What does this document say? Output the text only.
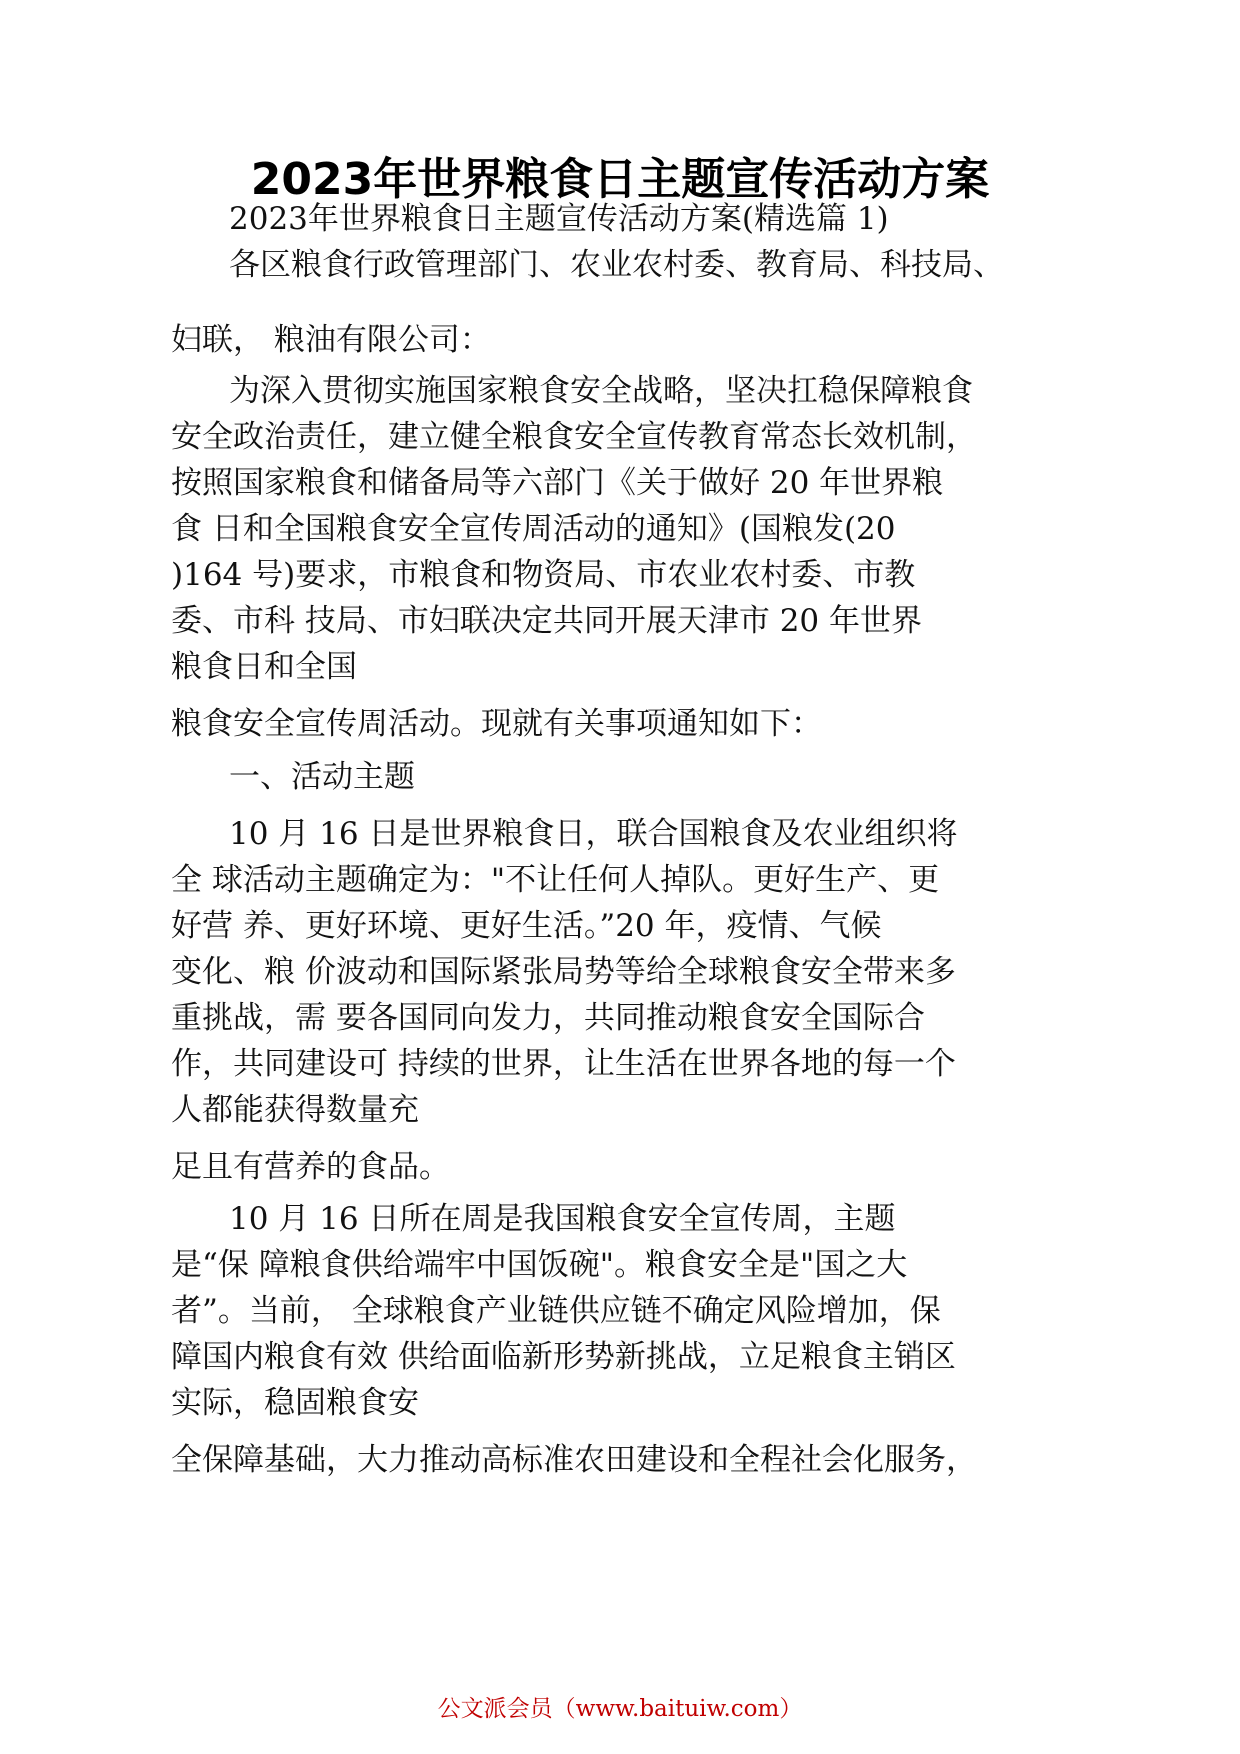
2023年世界粮食日主题宣传活动方案
2023年世界粮食日主题宣传活动方案(精选篇 1)
各区粮食行政管理部门、农业农村委、教育局、科技局、
妇联， 粮油有限公司：
为深入贯彻实施国家粮食安全战略，坚决扛稳保障粮食
安全政治责任，建立健全粮食安全宣传教育常态长效机制，
按照国家粮食和储备局等六部门《关于做好 20 年世界粮
食 日和全国粮食安全宣传周活动的通知》(国粮发(20
)164 号)要求，市粮食和物资局、市农业农村委、市教
委、市科 技局、市妇联决定共同开展天津市 20 年世界
粮食日和全国
粮食安全宣传周活动。现就有关事项通知如下：
一、活动主题
10 月 16 日是世界粮食日，联合国粮食及农业组织将
全 球活动主题确定为："不让任何人掉队。更好生产、更
好营 养、更好环境、更好生活。”20 年，疫情、气候
变化、粮 价波动和国际紧张局势等给全球粮食安全带来多
重挑战，需 要各国同向发力，共同推动粮食安全国际合
作，共同建设可 持续的世界，让生活在世界各地的每一个
人都能获得数量充
足且有营养的食品。
10 月 16 日所在周是我国粮食安全宣传周，主题
是“保 障粮食供给端牢中国饭碗"。粮食安全是"国之大
者”。当前， 全球粮食产业链供应链不确定风险增加，保
障国内粮食有效 供给面临新形势新挑战，立足粮食主销区
实际，稳固粮食安
全保障基础，大力推动高标准农田建设和全程社会化服务，
公文派会员（www.baituiw.com）
